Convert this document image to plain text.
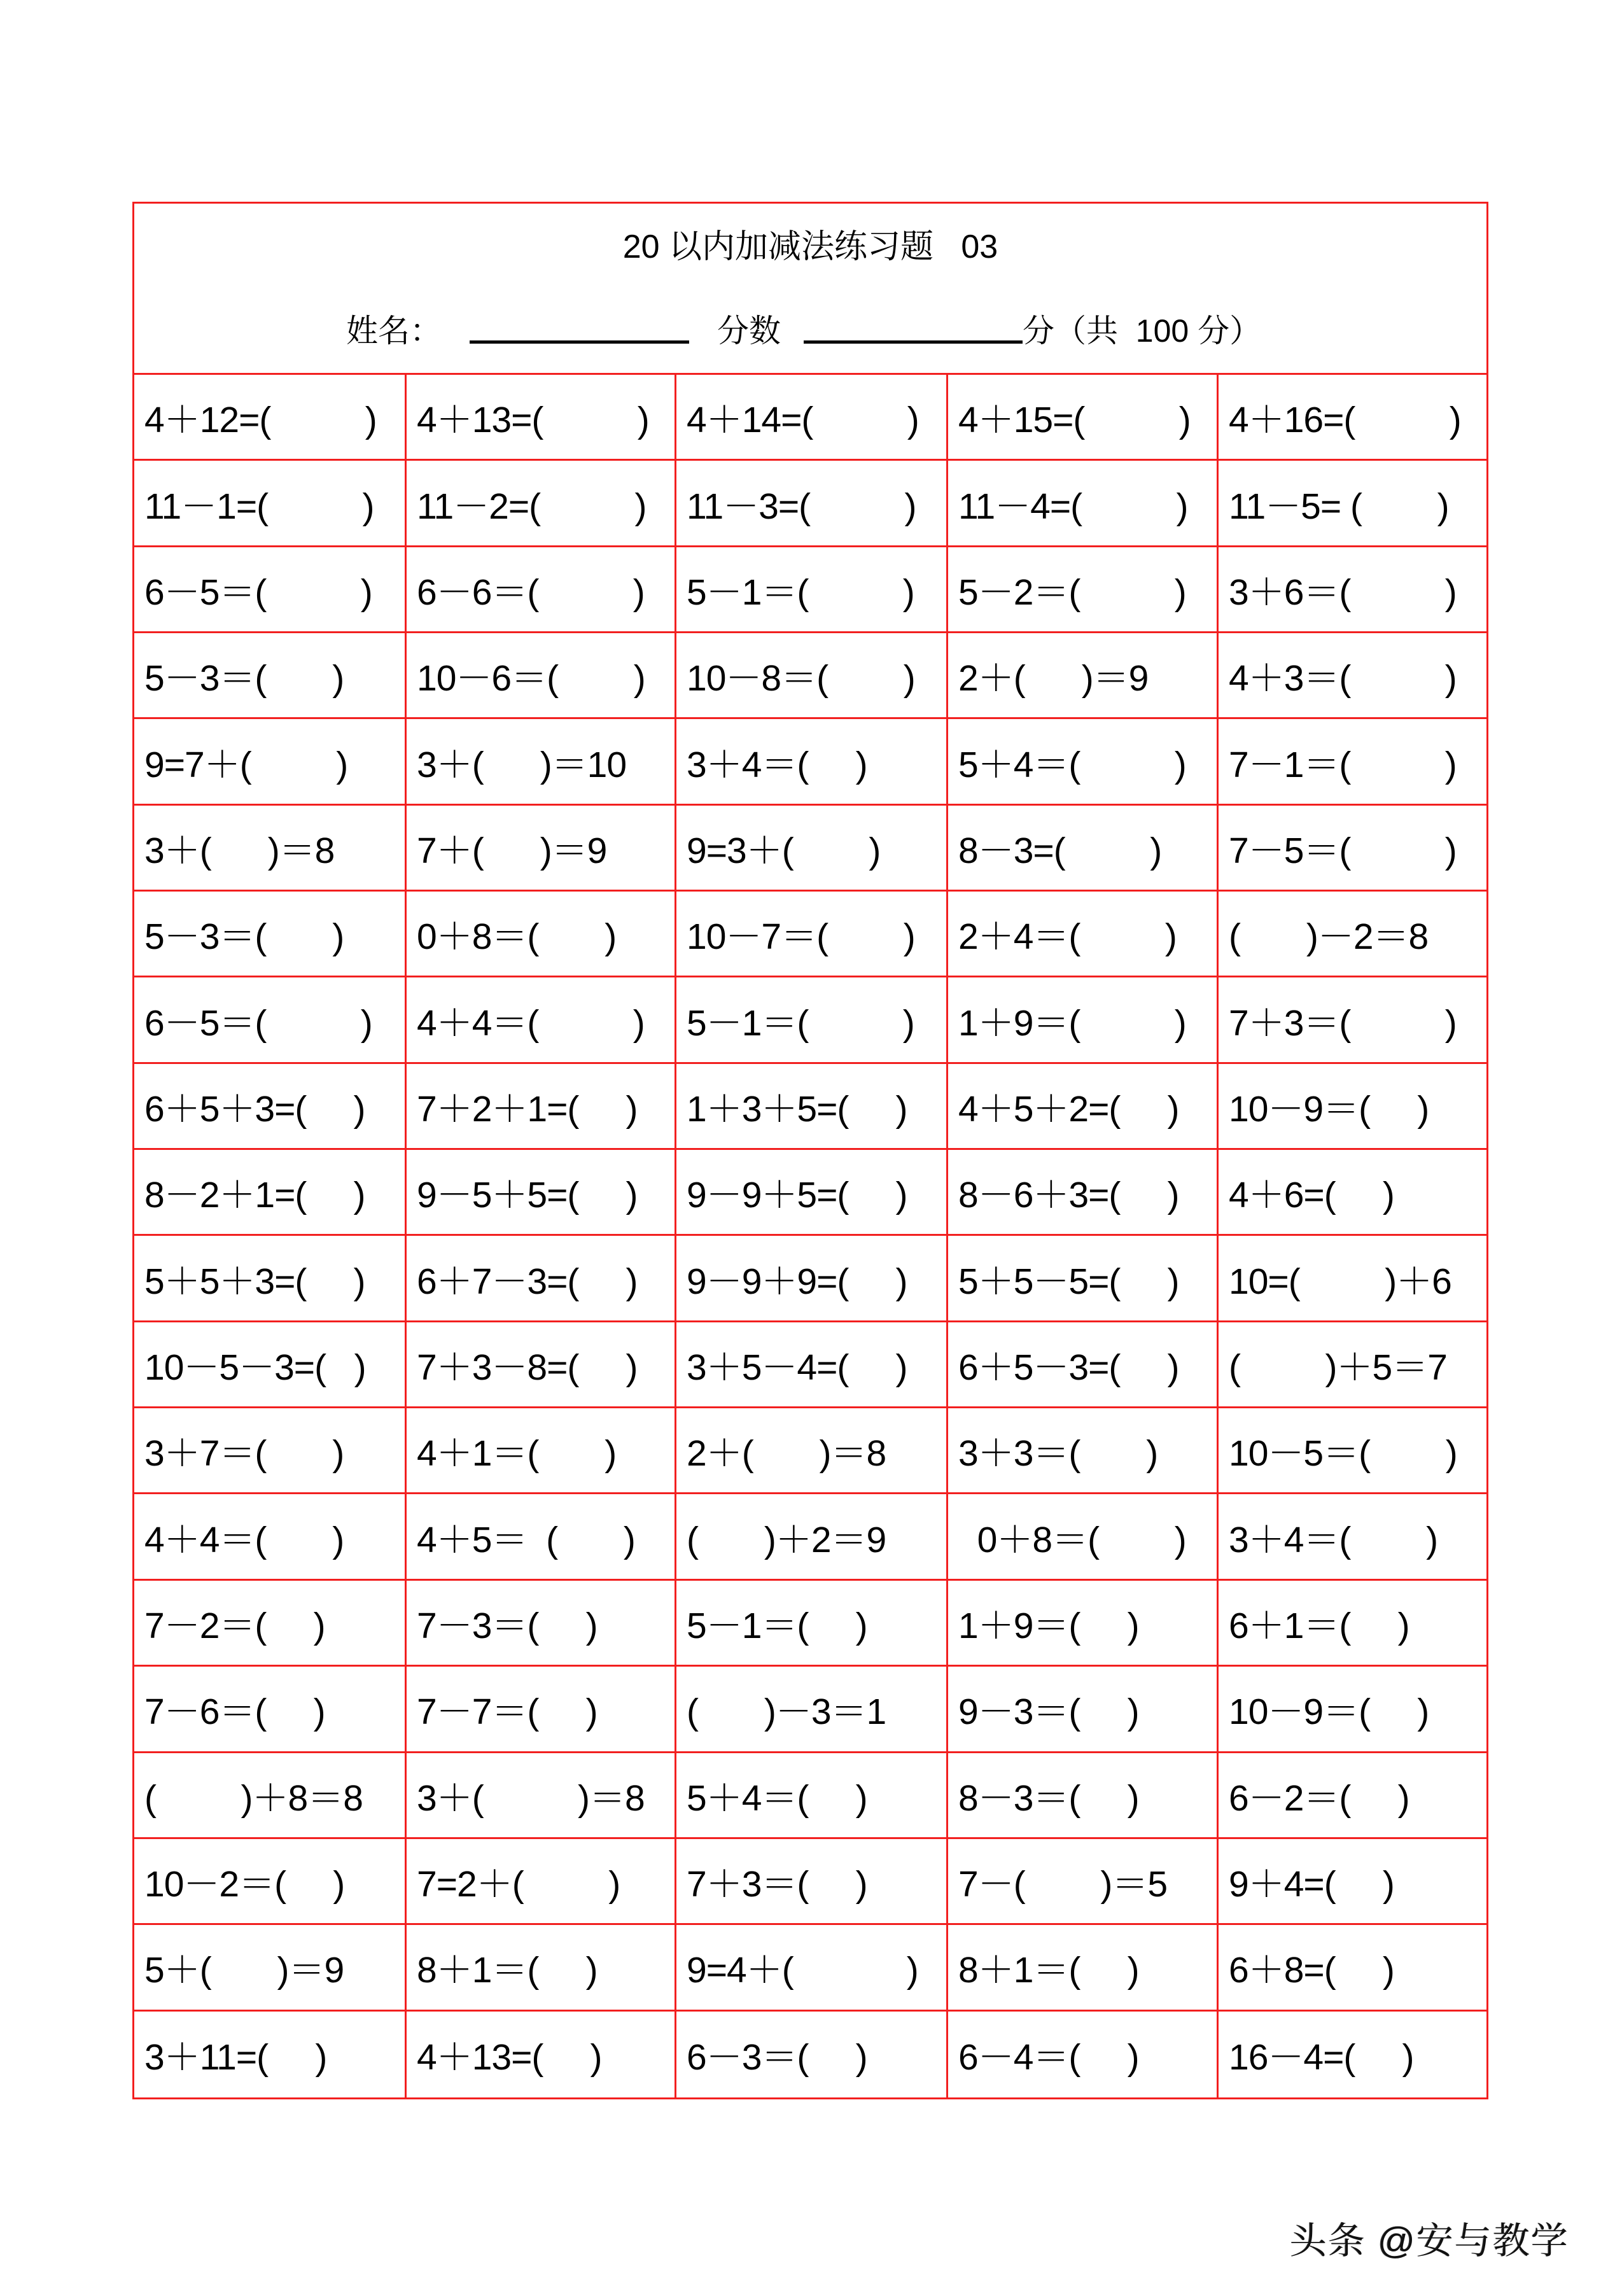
20 以内加减法练习题   03
姓名：	分数	分（共  100 分）
4＋12=(          )	4＋13=(          )	4＋14=(          )	4＋15=(          )	4＋16=(          )
11－1=(          )	11－2=(          )	11－3=(          )	11－4=(          )	11－5= (        )
6－5＝(          )	6－6＝(          )	5－1＝(          )	5－2＝(          )	3＋6＝(          )
5－3＝(       )	10－6＝(        )	10－8＝(        )	2＋(      )＝9	4＋3＝(          )
9=7＋(         )	3＋(      )＝10	3＋4＝(     )	5＋4＝(          )	7－1＝(          )
3＋(      )＝8	7＋(      )＝9	9=3＋(        )	8－3=(         )	7－5＝(          )
5－3＝(       )	0＋8＝(       )	10－7＝(        )	2＋4＝(         )	(       )－2＝8
6－5＝(          )	4＋4＝(          )	5－1＝(          )	1＋9＝(          )	7＋3＝(          )
6＋5＋3=(     )	7＋2＋1=(     )	1＋3＋5=(     )	4＋5＋2=(     )	10－9＝(     )
8－2＋1=(     )	9－5＋5=(     )	9－9＋5=(     )	8－6＋3=(     )	4＋6=(     )
5＋5＋3=(     )	6＋7－3=(     )	9－9＋9=(     )	5＋5－5=(     )	10=(         )＋6
10－5－3=(   )	7＋3－8=(     )	3＋5－4=(     )	6＋5－3=(     )	(         )＋5＝7
3＋7＝(       )	4＋1＝(       )	2＋(       )＝8	3＋3＝(       )	10－5＝(        )
4＋4＝(       )	4＋5＝  (       )	(       )＋2＝9	0＋8＝(        )	3＋4＝(        )
7－2＝(     )	7－3＝(     )	5－1＝(     )	1＋9＝(     )	6＋1＝(     )
7－6＝(     )	7－7＝(     )	(       )－3＝1	9－3＝(     )	10－9＝(     )
(         )＋8＝8	3＋(          )＝8	5＋4＝(     )	8－3＝(     )	6－2＝(     )
10－2＝(     )	7=2＋(         )	7＋3＝(     )	7－(        )＝5	9＋4=(     )
5＋(       )＝9	8＋1＝(     )	9=4＋(            )	8＋1＝(     )	6＋8=(     )
3＋11=(     )	4＋13=(     )	6－3＝(     )	6－4＝(     )	16－4=(     )
头条 @安与教学
